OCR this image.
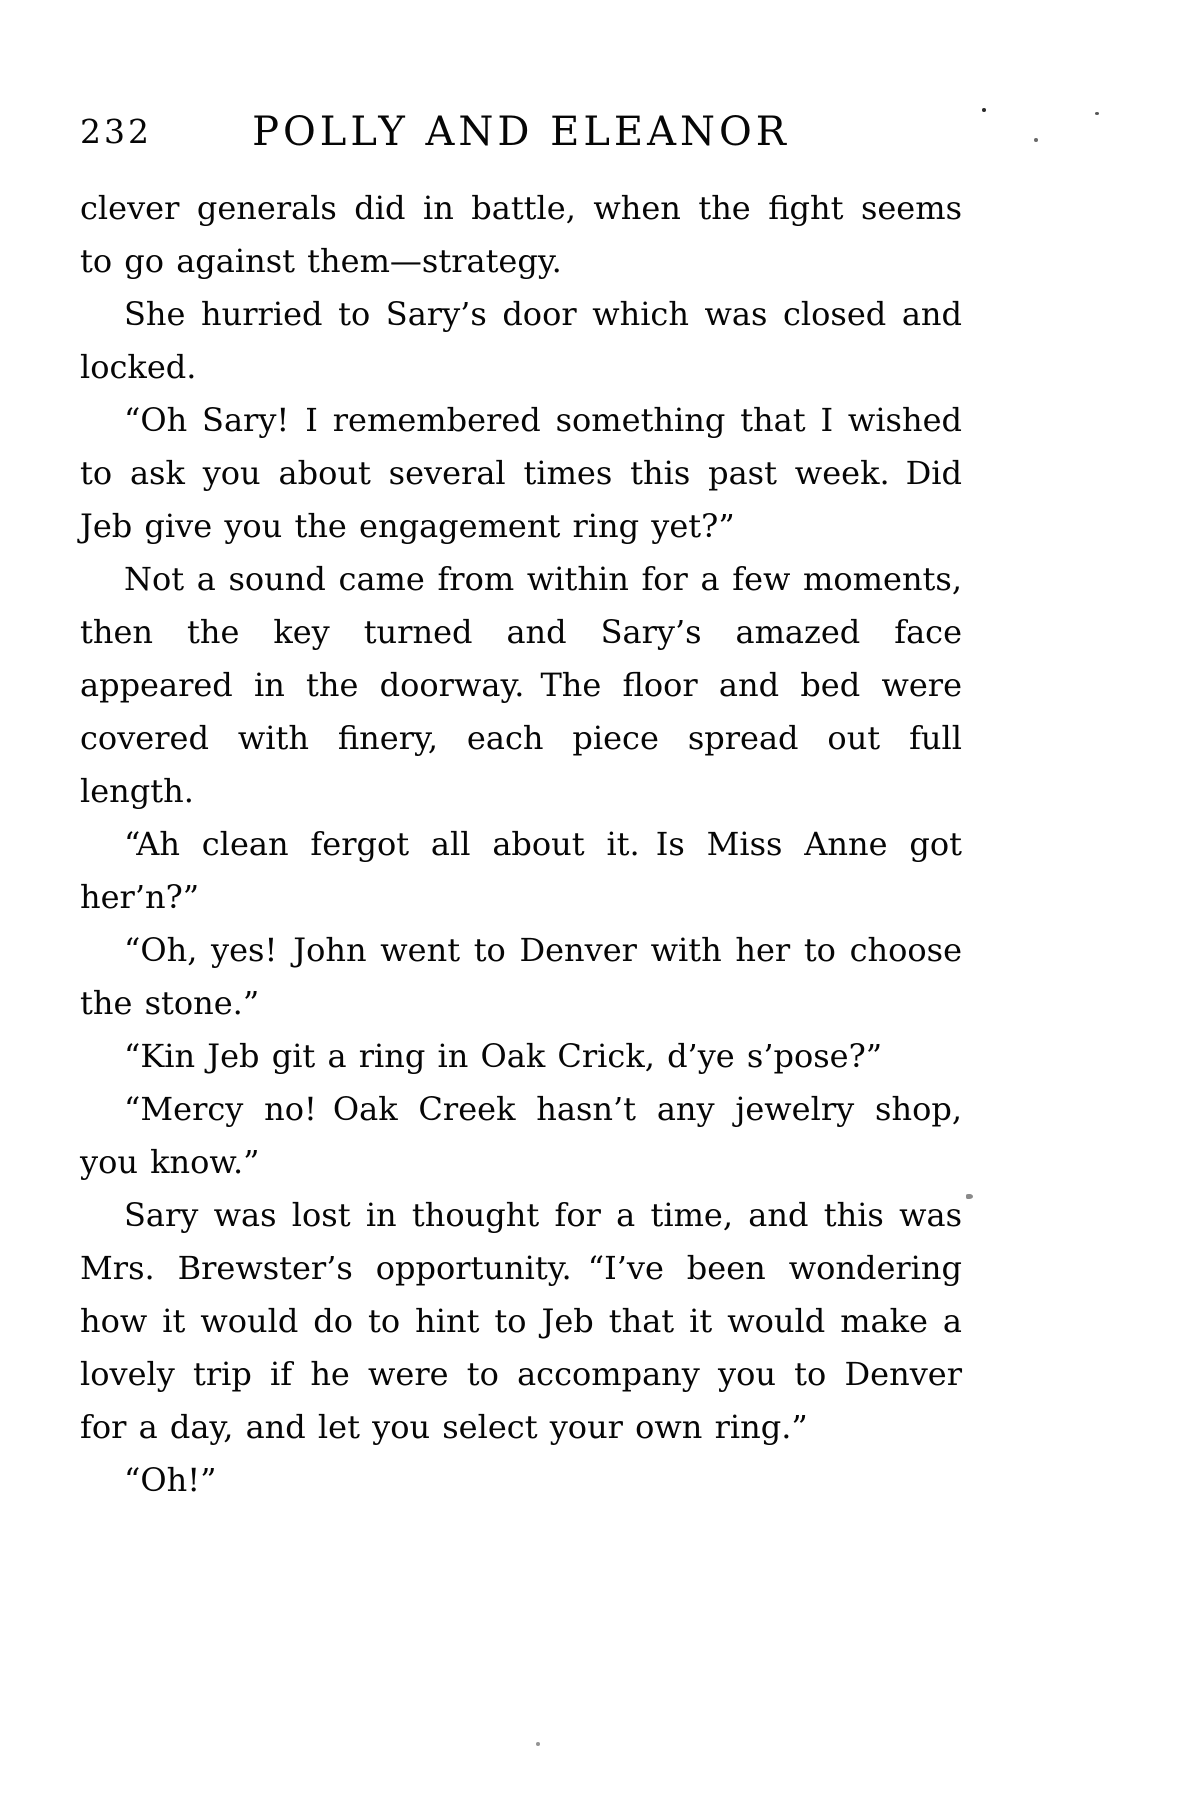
232	POLLY AND ELEANOR

clever generals did in battle, when the fight seems to go against them—strategy.

She hurried to Sary’s door which was closed and locked.

“Oh Sary! I remembered something that I wished to ask you about several times this past week. Did Jeb give you the engagement ring yet?”

Not a sound came from within for a few moments, then the key turned and Sary’s amazed face appeared in the doorway. The floor and bed were covered with finery, each piece spread out full length.

“Ah clean fergot all about it. Is Miss Anne got her’n?”

“Oh, yes! John went to Denver with her to choose the stone.”

“Kin Jeb git a ring in Oak Crick, d’ye s’pose?”

“Mercy no! Oak Creek hasn’t any jewelry shop, you know.”

Sary was lost in thought for a time, and this was Mrs. Brewster’s opportunity. “I’ve been wondering how it would do to hint to Jeb that it would make a lovely trip if he were to accompany you to Denver for a day, and let you select your own ring.”

“Oh!”
